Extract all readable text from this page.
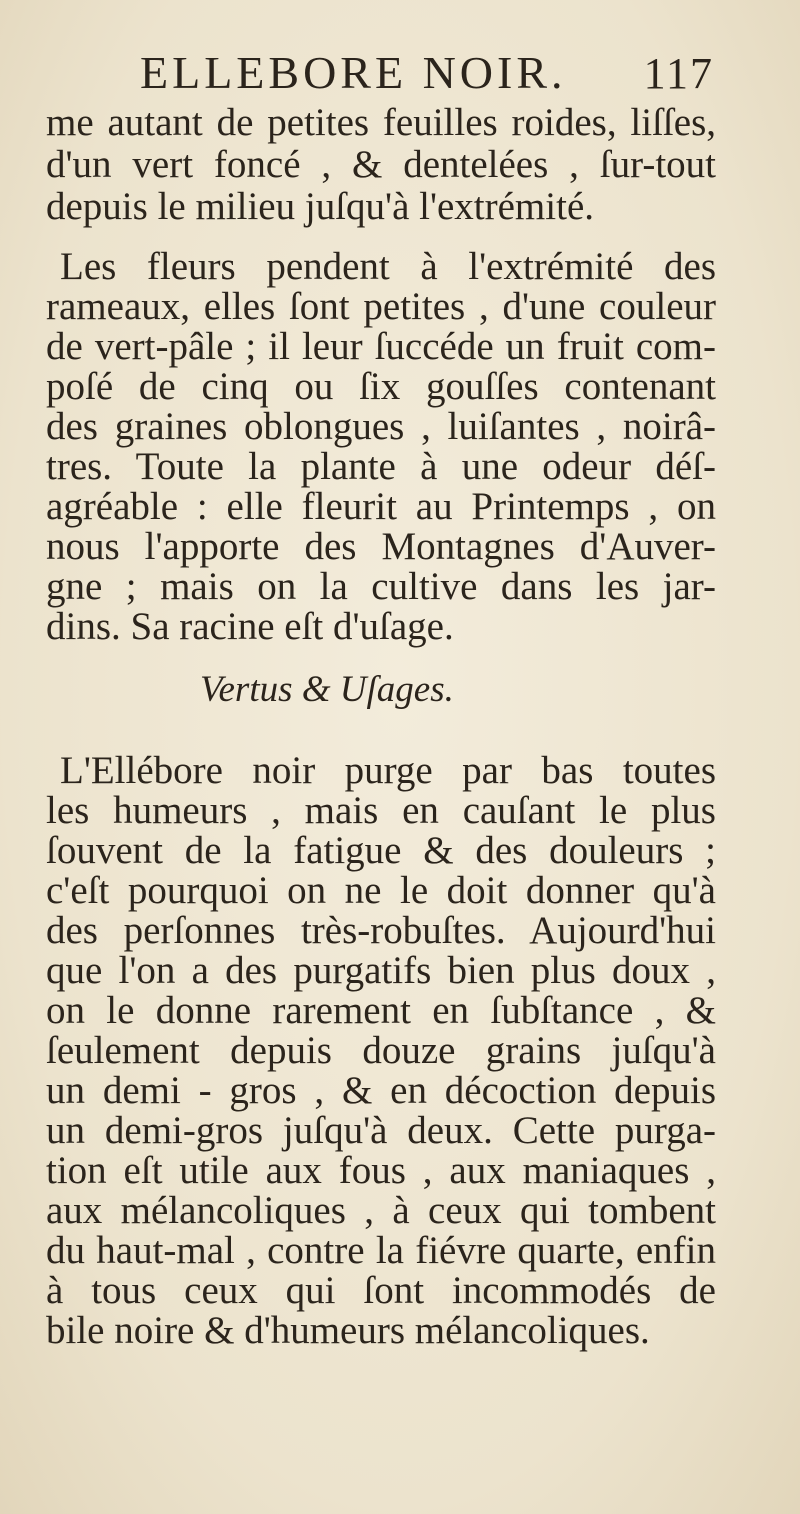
ELLEBORE NOIR. 117
me autant de petites feuilles roides, liſſes,
d'un vert foncé , & dentelées , ſur-tout
depuis le milieu juſqu'à l'extrémité.
Les fleurs pendent à l'extrémité des
rameaux, elles ſont petites , d'une couleur
de vert-pâle ; il leur ſuccéde un fruit com-
poſé de cinq ou ſix gouſſes contenant
des graines oblongues , luiſantes , noirâ-
tres. Toute la plante à une odeur déſ-
agréable : elle fleurit au Printemps , on
nous l'apporte des Montagnes d'Auver-
gne ; mais on la cultive dans les jar-
dins. Sa racine eſt d'uſage.
Vertus & Uſages.
L'Ellébore noir purge par bas toutes
les humeurs , mais en cauſant le plus
ſouvent de la fatigue & des douleurs ;
c'eſt pourquoi on ne le doit donner qu'à
des perſonnes très-robuſtes. Aujourd'hui
que l'on a des purgatifs bien plus doux ,
on le donne rarement en ſubſtance , &
ſeulement depuis douze grains juſqu'à
un demi - gros , & en décoction depuis
un demi-gros juſqu'à deux. Cette purga-
tion eſt utile aux fous , aux maniaques ,
aux mélancoliques , à ceux qui tombent
du haut-mal , contre la fiévre quarte, enfin
à tous ceux qui ſont incommodés de
bile noire & d'humeurs mélancoliques.
